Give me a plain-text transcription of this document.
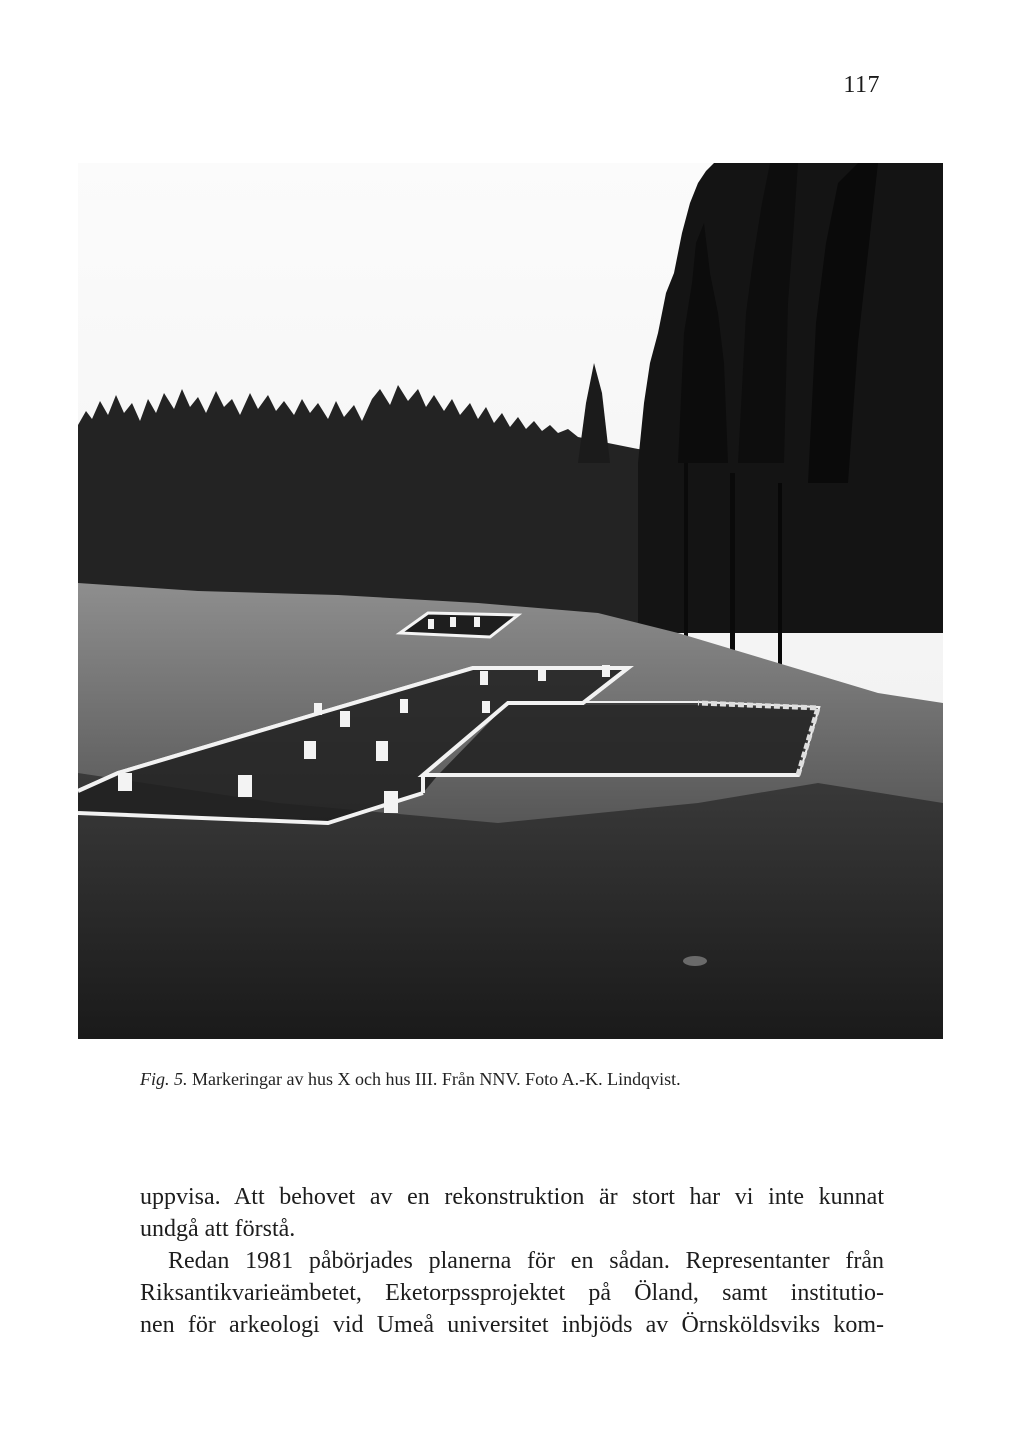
117
Fig. 5. Markeringar av hus X och hus III. Från NNV. Foto A.-K. Lindqvist.
uppvisa. Att behovet av en rekonstruktion är stort har vi inte kunnat
undgå att förstå.
Redan 1981 påbörjades planerna för en sådan. Representanter från
Riksantikvarieämbetet, Eketorpssprojektet på Öland, samt institutio-
nen för arkeologi vid Umeå universitet inbjöds av Örnsköldsviks kom-
